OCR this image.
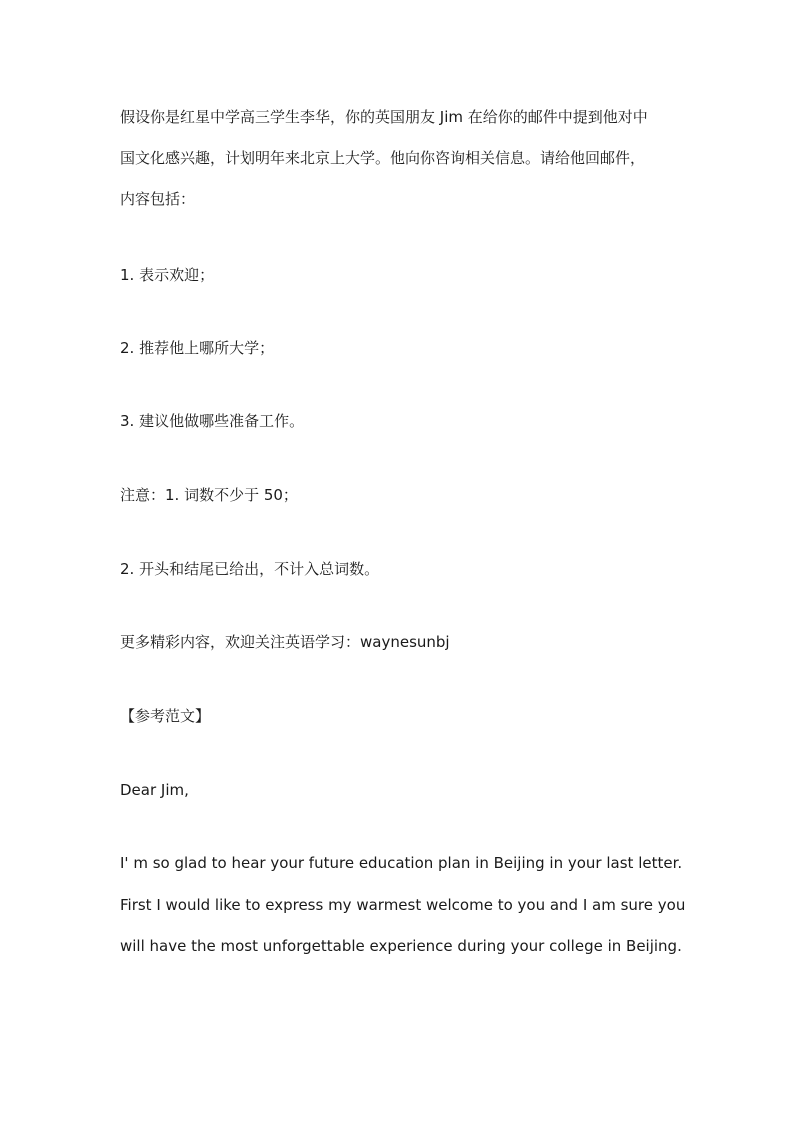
假设你是红星中学高三学生李华，你的英国朋友 Jim 在给你的邮件中提到他对中
国文化感兴趣，计划明年来北京上大学。他向你咨询相关信息。请给他回邮件，
内容包括：
1. 表示欢迎；
2. 推荐他上哪所大学；
3. 建议他做哪些准备工作。
注意：1. 词数不少于 50；
2. 开头和结尾已给出，不计入总词数。
更多精彩内容，欢迎关注英语学习：waynesunbj
【参考范文】
Dear Jim,
I' m so glad to hear your future education plan in Beijing in your last letter.
First I would like to express my warmest welcome to you and I am sure you
will have the most unforgettable experience during your college in Beijing.
